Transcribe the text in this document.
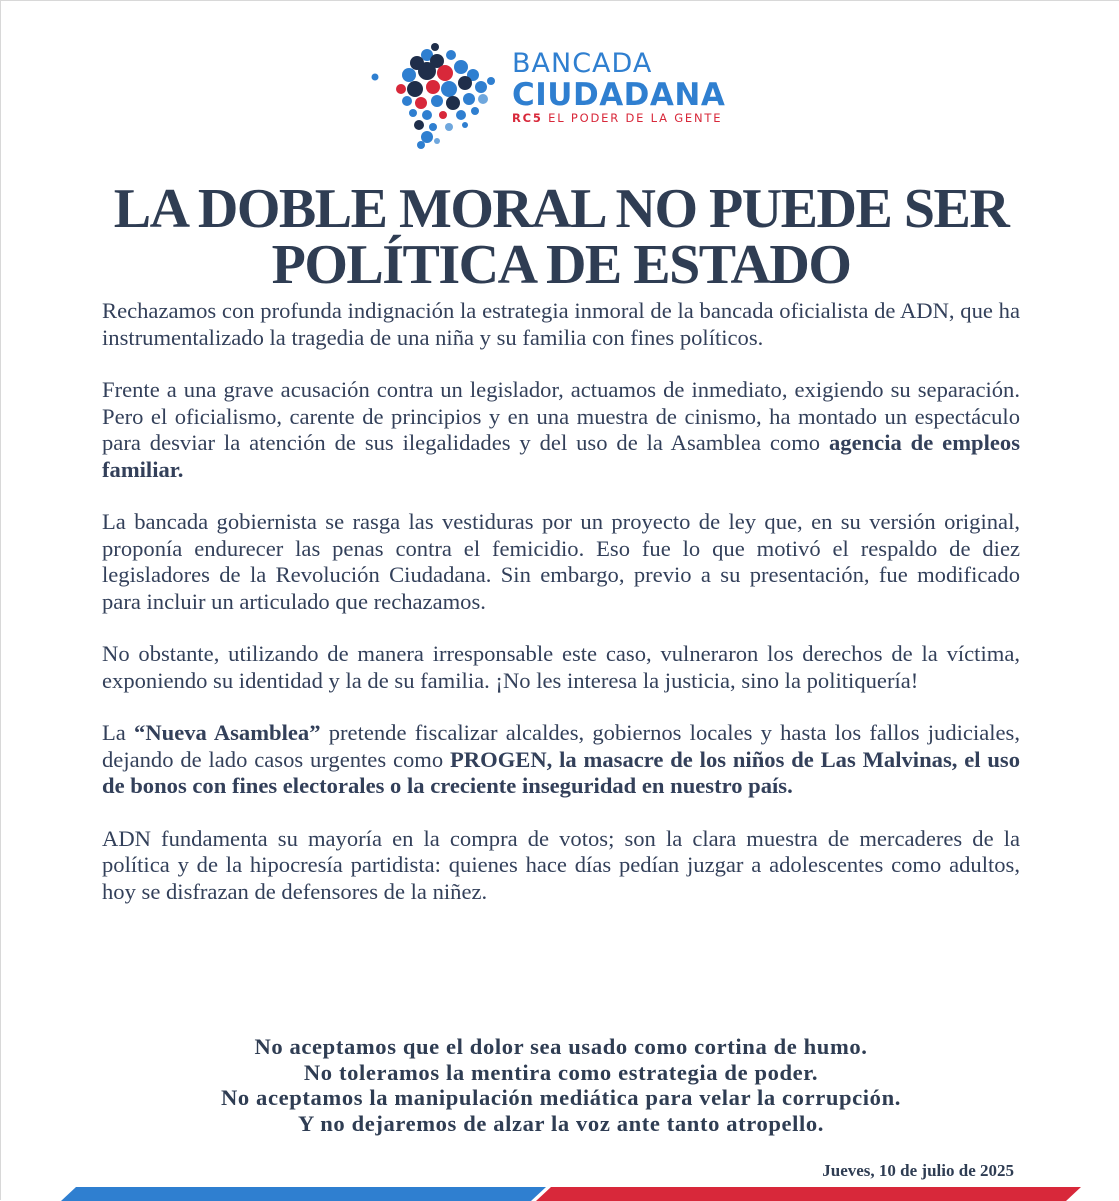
BANCADA
CIUDADANA
RC5 EL PODER DE LA GENTE
LA DOBLE MORAL NO PUEDE SER
POLÍTICA DE ESTADO

Rechazamos con profunda indignación la estrategia inmoral de la bancada oficialista de ADN, que ha instrumentalizado la tragedia de una niña y su familia con fines políticos.

Frente a una grave acusación contra un legislador, actuamos de inmediato, exigiendo su separación. Pero el oficialismo, carente de principios y en una muestra de cinismo, ha montado un espectáculo para desviar la atención de sus ilegalidades y del uso de la Asamblea como agencia de empleos familiar.

La bancada gobiernista se rasga las vestiduras por un proyecto de ley que, en su versión original, proponía endurecer las penas contra el femicidio. Eso fue lo que motivó el respaldo de diez legisladores de la Revolución Ciudadana. Sin embargo, previo a su presentación, fue modificado para incluir un articulado que rechazamos.

No obstante, utilizando de manera irresponsable este caso, vulneraron los derechos de la víctima, exponiendo su identidad y la de su familia. ¡No les interesa la justicia, sino la politiquería!

La “Nueva Asamblea” pretende fiscalizar alcaldes, gobiernos locales y hasta los fallos judiciales, dejando de lado casos urgentes como PROGEN, la masacre de los niños de Las Malvinas, el uso de bonos con fines electorales o la creciente inseguridad en nuestro país.

ADN fundamenta su mayoría en la compra de votos; son la clara muestra de mercaderes de la política y de la hipocresía partidista: quienes hace días pedían juzgar a adolescentes como adultos, hoy se disfrazan de defensores de la niñez.

No aceptamos que el dolor sea usado como cortina de humo.
No toleramos la mentira como estrategia de poder.
No aceptamos la manipulación mediática para velar la corrupción.
Y no dejaremos de alzar la voz ante tanto atropello.
Jueves, 10 de julio de 2025
